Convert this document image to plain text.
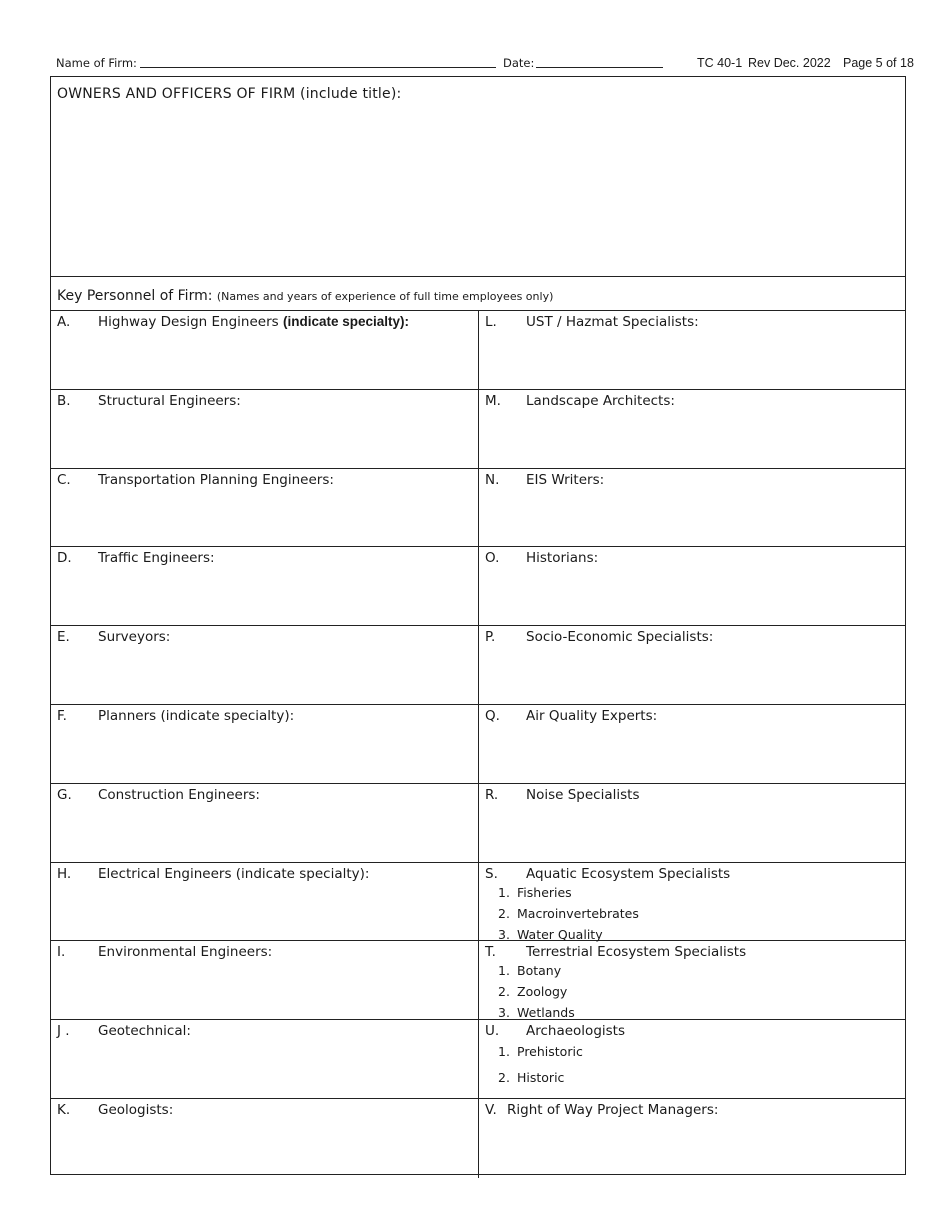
Name of Firm:	Date:	TC 40-1 Rev Dec. 2022 Page 5 of 18
OWNERS AND OFFICERS OF FIRM (include title):
Key Personnel of Firm: (Names and years of experience of full time employees only)
A. Highway Design Engineers (indicate specialty):
B. Structural Engineers:
C. Transportation Planning Engineers:
D. Traffic Engineers:
E. Surveyors:
F. Planners (indicate specialty):
G. Construction Engineers:
H. Electrical Engineers (indicate specialty):
I. Environmental Engineers:
J . Geotechnical:
K. Geologists:
L. UST / Hazmat Specialists:
M. Landscape Architects:
N. EIS Writers:
O. Historians:
P. Socio-Economic Specialists:
Q. Air Quality Experts:
R. Noise Specialists
S. Aquatic Ecosystem Specialists
1. Fisheries
2. Macroinvertebrates
3. Water Quality
T. Terrestrial Ecosystem Specialists
1. Botany
2. Zoology
3. Wetlands
U. Archaeologists
1. Prehistoric
2. Historic
V. Right of Way Project Managers:
